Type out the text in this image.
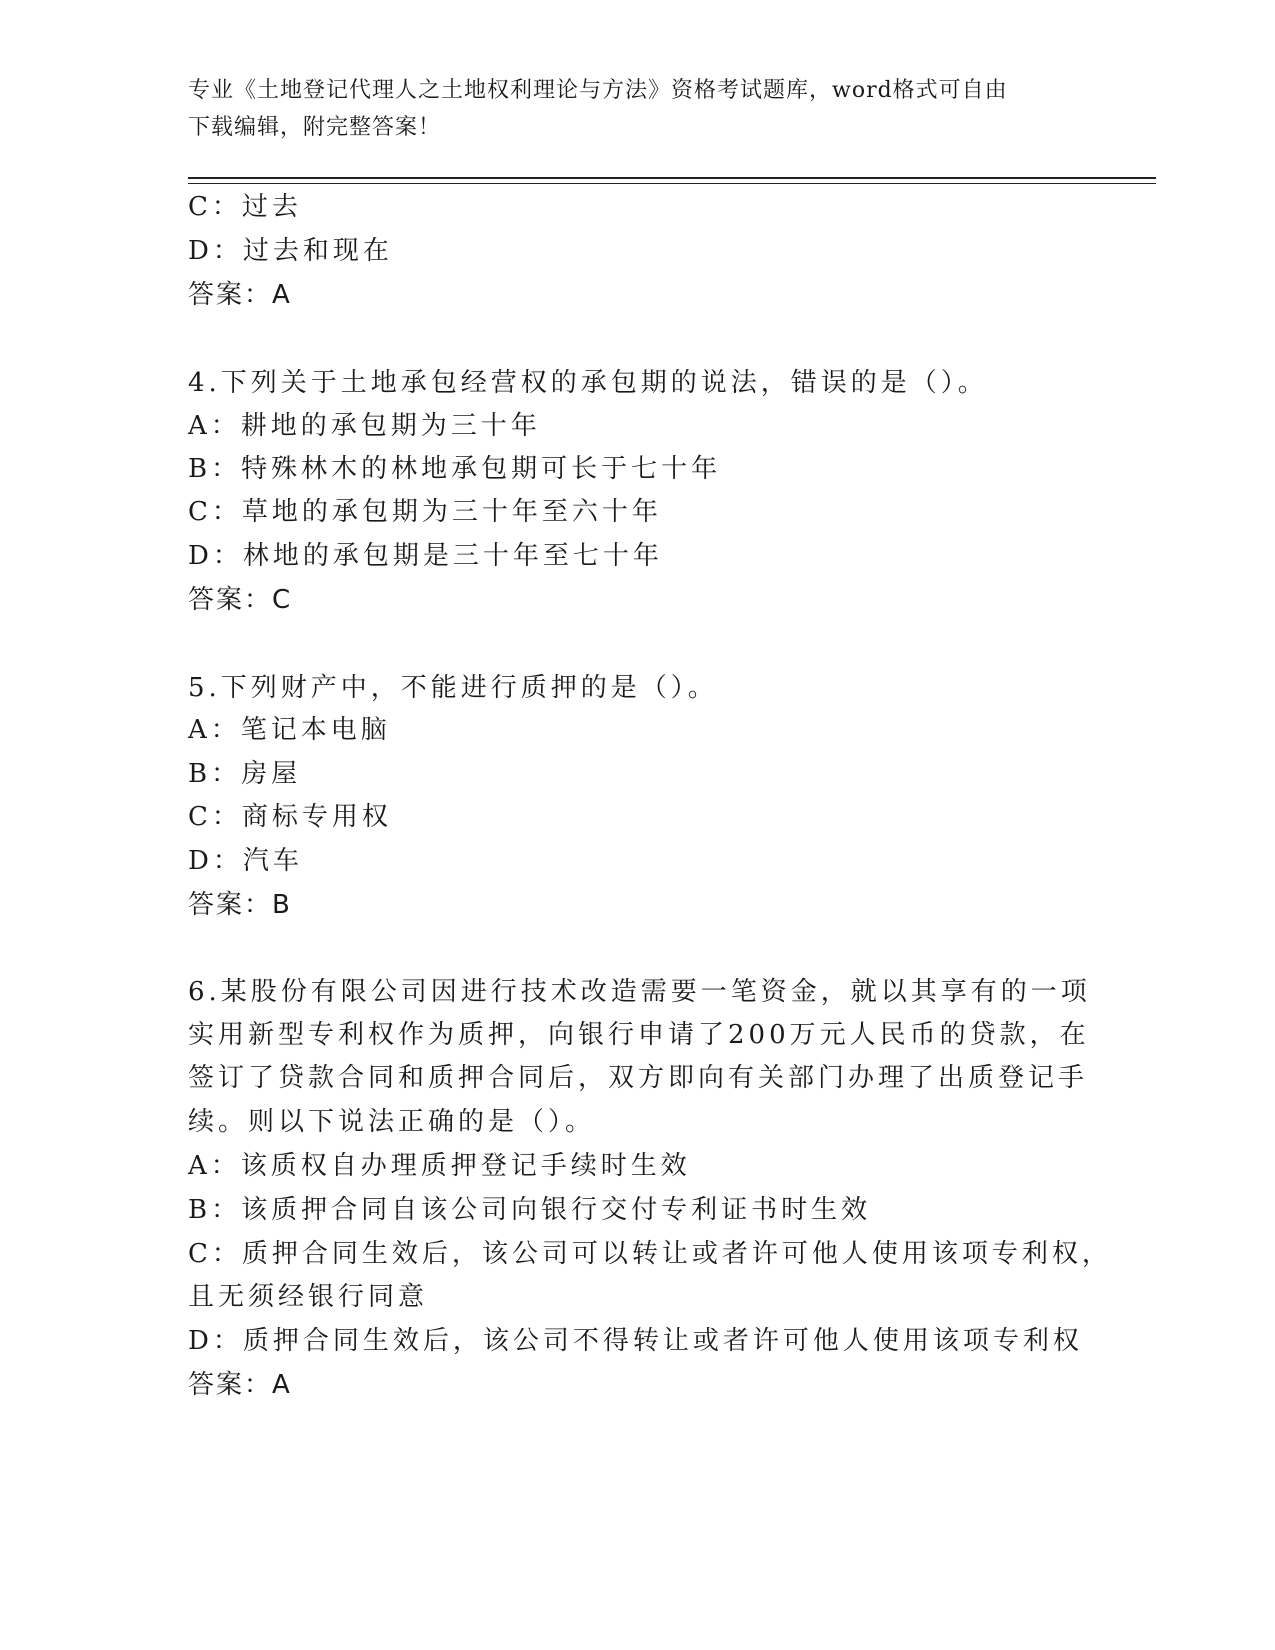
专业《土地登记代理人之土地权利理论与方法》资格考试题库，word格式可自由
下载编辑，附完整答案！
C：过去
D：过去和现在
答案：A
4.下列关于土地承包经营权的承包期的说法，错误的是（）。
A：耕地的承包期为三十年
B：特殊林木的林地承包期可长于七十年
C：草地的承包期为三十年至六十年
D：林地的承包期是三十年至七十年
答案：C
5.下列财产中，不能进行质押的是（）。
A：笔记本电脑
B：房屋
C：商标专用权
D：汽车
答案：B
6.某股份有限公司因进行技术改造需要一笔资金，就以其享有的一项
实用新型专利权作为质押，向银行申请了200万元人民币的贷款，在
签订了贷款合同和质押合同后，双方即向有关部门办理了出质登记手
续。则以下说法正确的是（）。
A：该质权自办理质押登记手续时生效
B：该质押合同自该公司向银行交付专利证书时生效
C：质押合同生效后，该公司可以转让或者许可他人使用该项专利权，
且无须经银行同意
D：质押合同生效后，该公司不得转让或者许可他人使用该项专利权
答案：A
